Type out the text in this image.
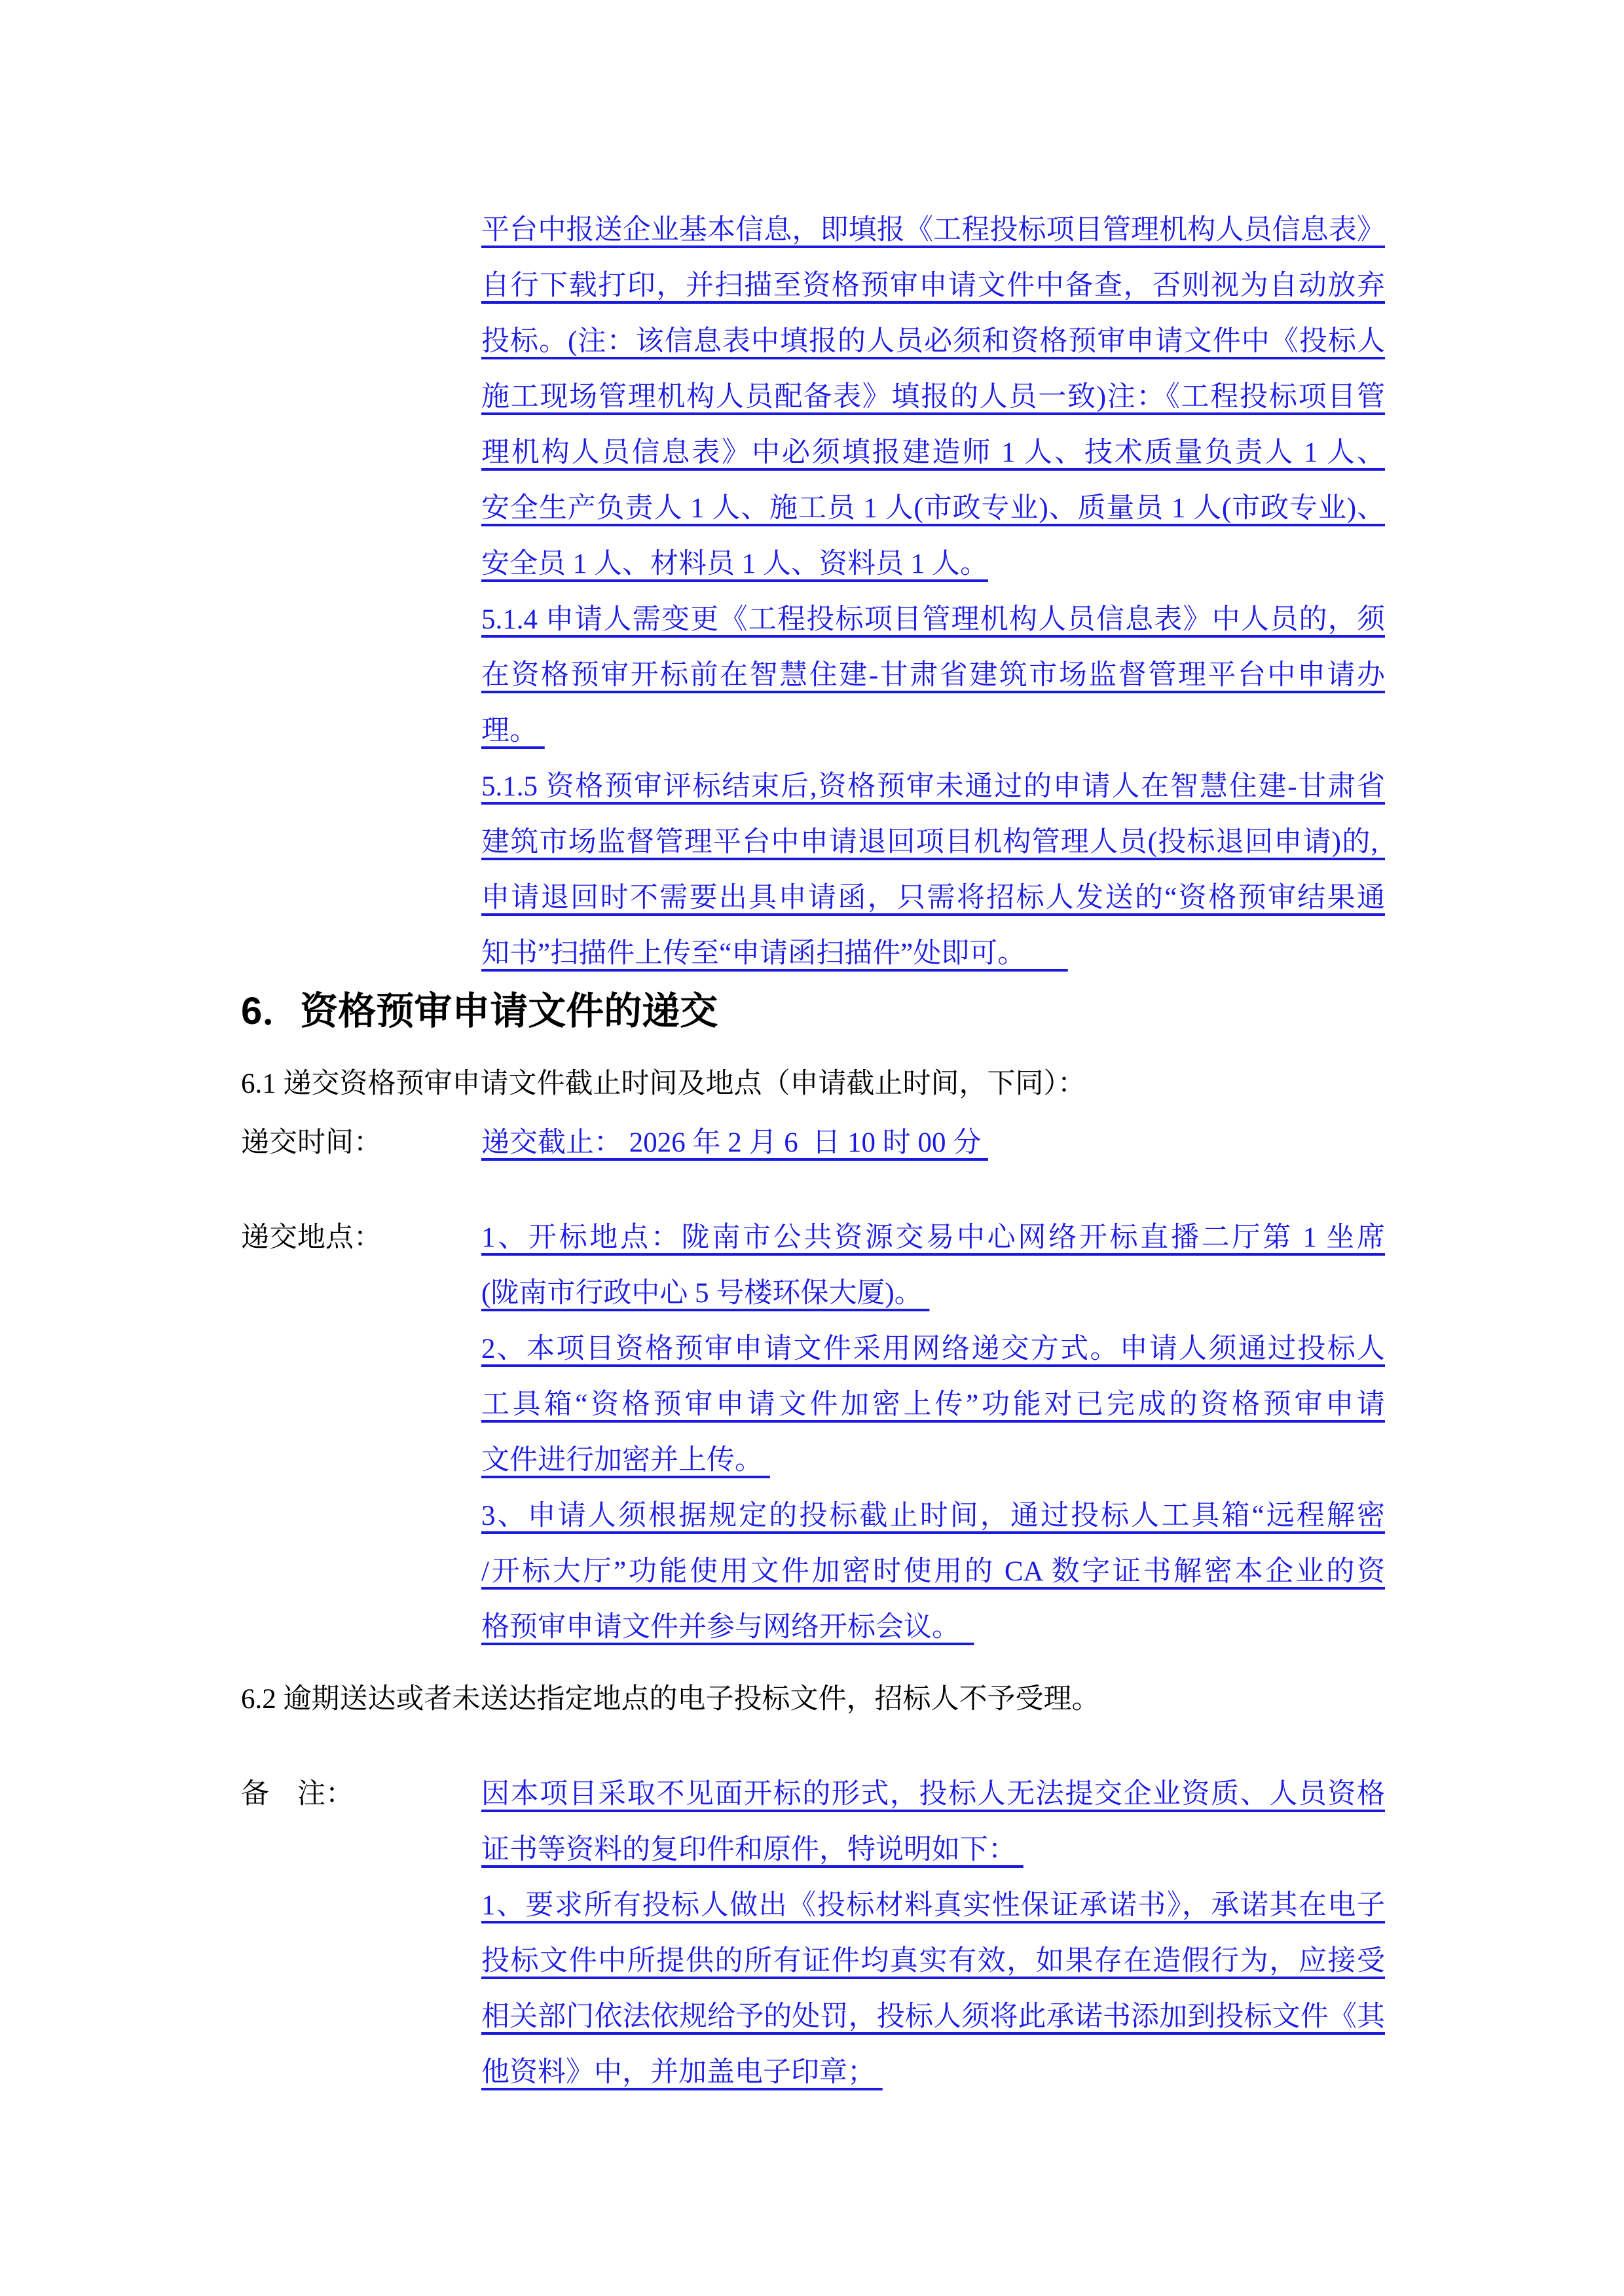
平台中报送企业基本信息，即填报《工程投标项目管理机构人员信息表》
自行下载打印，并扫描至资格预审申请文件中备查，否则视为自动放弃
投标。(注：该信息表中填报的人员必须和资格预审申请文件中《投标人
施工现场管理机构人员配备表》填报的人员一致)注：《工程投标项目管
理机构人员信息表》中必须填报建造师 1 人、技术质量负责人 1 人、
安全生产负责人 1 人、施工员 1 人(市政专业)、质量员 1 人(市政专业)、
安全员 1 人、材料员 1 人、资料员 1 人。
5.1.4 申请人需变更《工程投标项目管理机构人员信息表》中人员的，须
在资格预审开标前在智慧住建-甘肃省建筑市场监督管理平台中申请办
理。
5.1.5 资格预审评标结束后,资格预审未通过的申请人在智慧住建-甘肃省
建筑市场监督管理平台中申请退回项目机构管理人员(投标退回申请)的,
申请退回时不需要出具申请函，只需将招标人发送的“资格预审结果通
知书”扫描件上传至“申请函扫描件”处即可。
6．资格预审申请文件的递交
6.1 递交资格预审申请文件截止时间及地点（申请截止时间，下同）：
递交时间：	递交截止： 2026 年 2 月 6  日 10 时 00 分
递交地点：	1、开标地点：陇南市公共资源交易中心网络开标直播二厅第 1 坐席
(陇南市行政中心 5 号楼环保大厦)。
2、本项目资格预审申请文件采用网络递交方式。申请人须通过投标人
工具箱“资格预审申请文件加密上传”功能对已完成的资格预审申请
文件进行加密并上传。
3、申请人须根据规定的投标截止时间，通过投标人工具箱“远程解密
/开标大厅”功能使用文件加密时使用的 CA 数字证书解密本企业的资
格预审申请文件并参与网络开标会议。
6.2 逾期送达或者未送达指定地点的电子投标文件，招标人不予受理。
备    注：	因本项目采取不见面开标的形式，投标人无法提交企业资质、人员资格
证书等资料的复印件和原件，特说明如下：
1、要求所有投标人做出《投标材料真实性保证承诺书》，承诺其在电子
投标文件中所提供的所有证件均真实有效，如果存在造假行为，应接受
相关部门依法依规给予的处罚，投标人须将此承诺书添加到投标文件《其
他资料》中，并加盖电子印章；
